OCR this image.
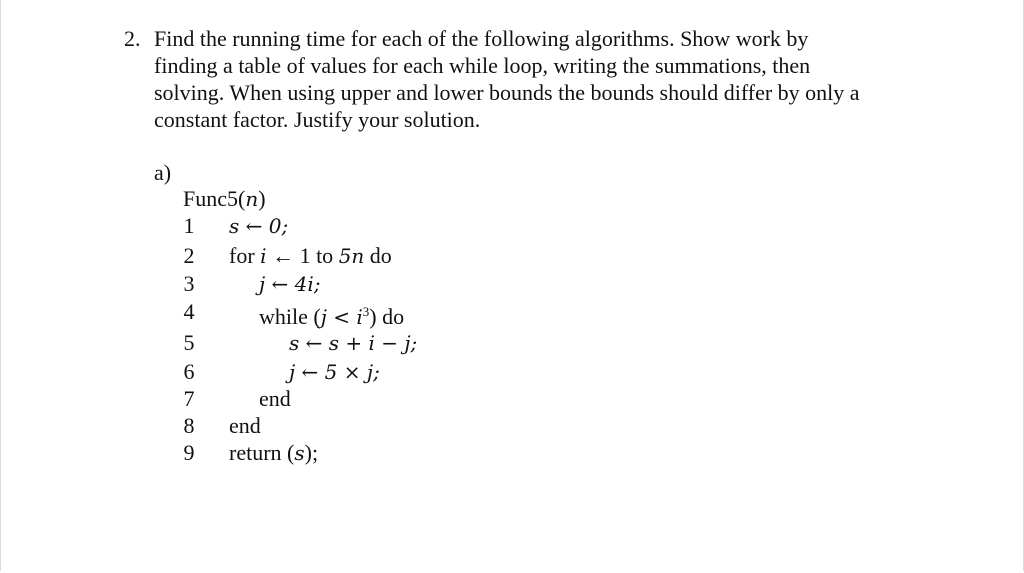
2. Find the running time for each of the following algorithms. Show work by
finding a table of values for each while loop, writing the summations, then
solving. When using upper and lower bounds the bounds should differ by only a
constant factor. Justify your solution.
a)
Func5(n)
1 s ← 0;
2 for i ← 1 to 5n do
3	j ← 4i;
4	while $(j < i^3)$ do
5	s ← s + i − j;
6	j ← 5 × j;
7	end
8 end
9 return (s);
